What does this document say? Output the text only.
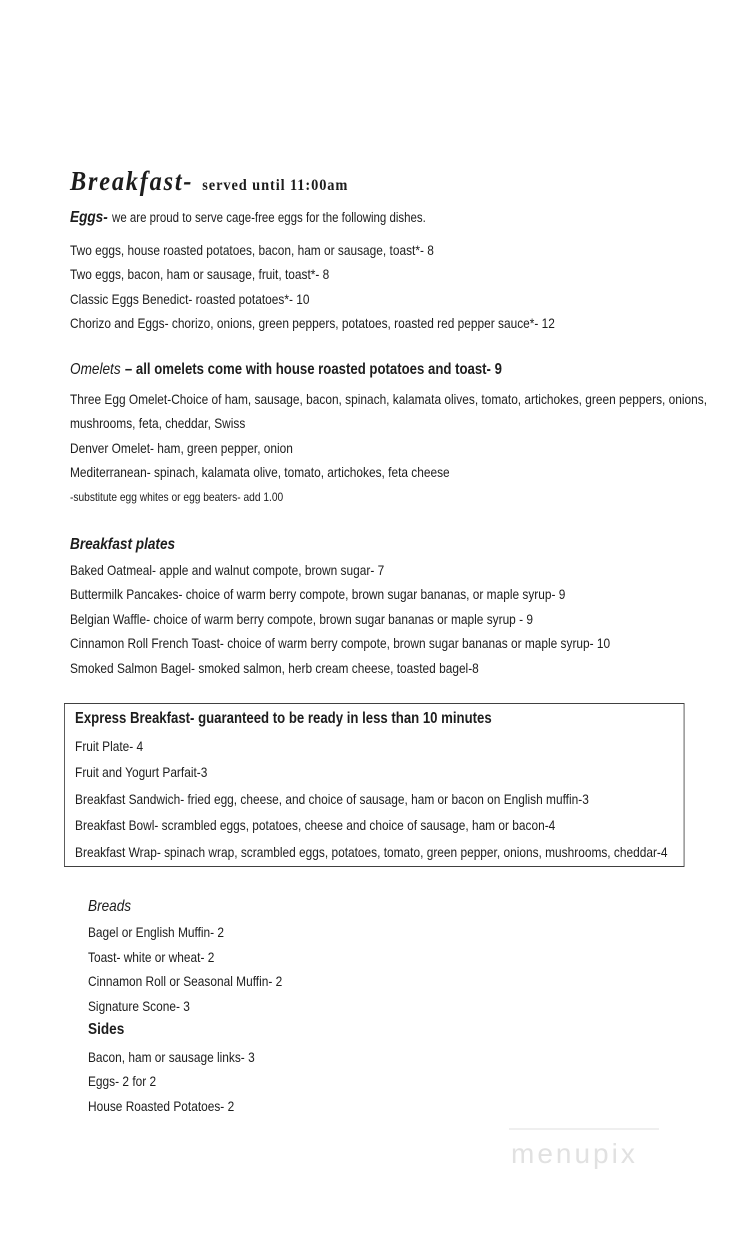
Breakfast- served until 11:00am

Eggs- we are proud to serve cage-free eggs for the following dishes.

Two eggs, house roasted potatoes, bacon, ham or sausage, toast*- 8

Two eggs, bacon, ham or sausage, fruit, toast*- 8

Classic Eggs Benedict- roasted potatoes*- 10

Chorizo and Eggs- chorizo, onions, green peppers, potatoes, roasted red pepper sauce*- 12

Omelets – all omelets come with house roasted potatoes and toast- 9

Three Egg Omelet-Choice of ham, sausage, bacon, spinach, kalamata olives, tomato, artichokes, green peppers, onions,

mushrooms, feta, cheddar, Swiss

Denver Omelet- ham, green pepper, onion

Mediterranean- spinach, kalamata olive, tomato, artichokes, feta cheese

-substitute egg whites or egg beaters- add 1.00

Breakfast plates

Baked Oatmeal- apple and walnut compote, brown sugar- 7

Buttermilk Pancakes- choice of warm berry compote, brown sugar bananas, or maple syrup- 9

Belgian Waffle- choice of warm berry compote, brown sugar bananas or maple syrup - 9

Cinnamon Roll French Toast- choice of warm berry compote, brown sugar bananas or maple syrup- 10

Smoked Salmon Bagel- smoked salmon, herb cream cheese, toasted bagel-8

Express Breakfast- guaranteed to be ready in less than 10 minutes

Fruit Plate- 4

Fruit and Yogurt Parfait-3

Breakfast Sandwich- fried egg, cheese, and choice of sausage, ham or bacon on English muffin-3

Breakfast Bowl- scrambled eggs, potatoes, cheese and choice of sausage, ham or bacon-4

Breakfast Wrap- spinach wrap, scrambled eggs, potatoes, tomato, green pepper, onions, mushrooms, cheddar-4

Breads

Bagel or English Muffin- 2

Toast- white or wheat- 2

Cinnamon Roll or Seasonal Muffin- 2

Signature Scone- 3

Sides

Bacon, ham or sausage links- 3

Eggs- 2 for 2

House Roasted Potatoes- 2

menupix
